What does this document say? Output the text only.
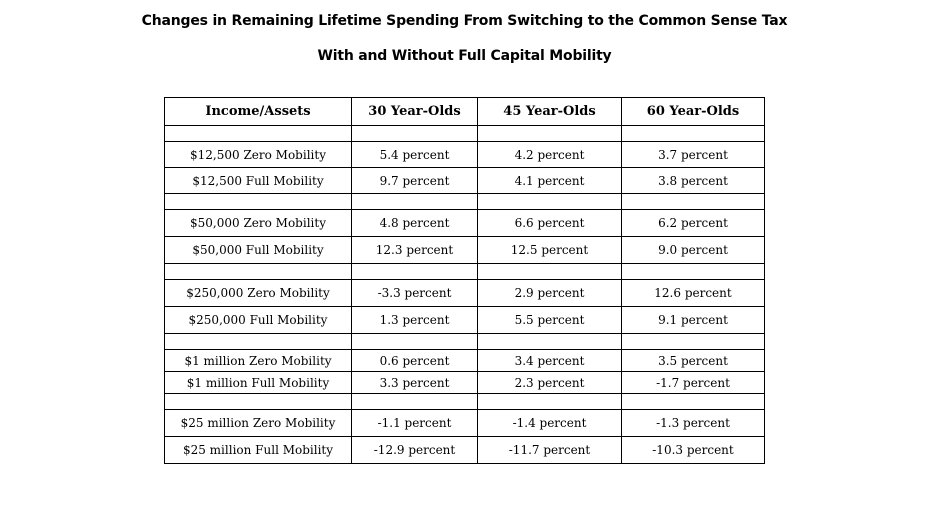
Changes in Remaining Lifetime Spending From Switching to the Common Sense Tax
With and Without Full Capital Mobility
Income/Assets	30 Year-Olds	45 Year-Olds	60 Year-Olds

$12,500 Zero Mobility	5.4 percent	4.2 percent	3.7 percent
$12,500 Full Mobility	9.7 percent	4.1 percent	3.8 percent

$50,000 Zero Mobility	4.8 percent	6.6 percent	6.2 percent
$50,000 Full Mobility	12.3 percent	12.5 percent	9.0 percent

$250,000 Zero Mobility	-3.3 percent	2.9 percent	12.6 percent
$250,000 Full Mobility	1.3 percent	5.5 percent	9.1 percent

$1 million Zero Mobility	0.6 percent	3.4 percent	3.5 percent
$1 million Full Mobility	3.3 percent	2.3 percent	-1.7 percent

$25 million Zero Mobility	-1.1 percent	-1.4 percent	-1.3 percent
$25 million Full Mobility	-12.9 percent	-11.7 percent	-10.3 percent
